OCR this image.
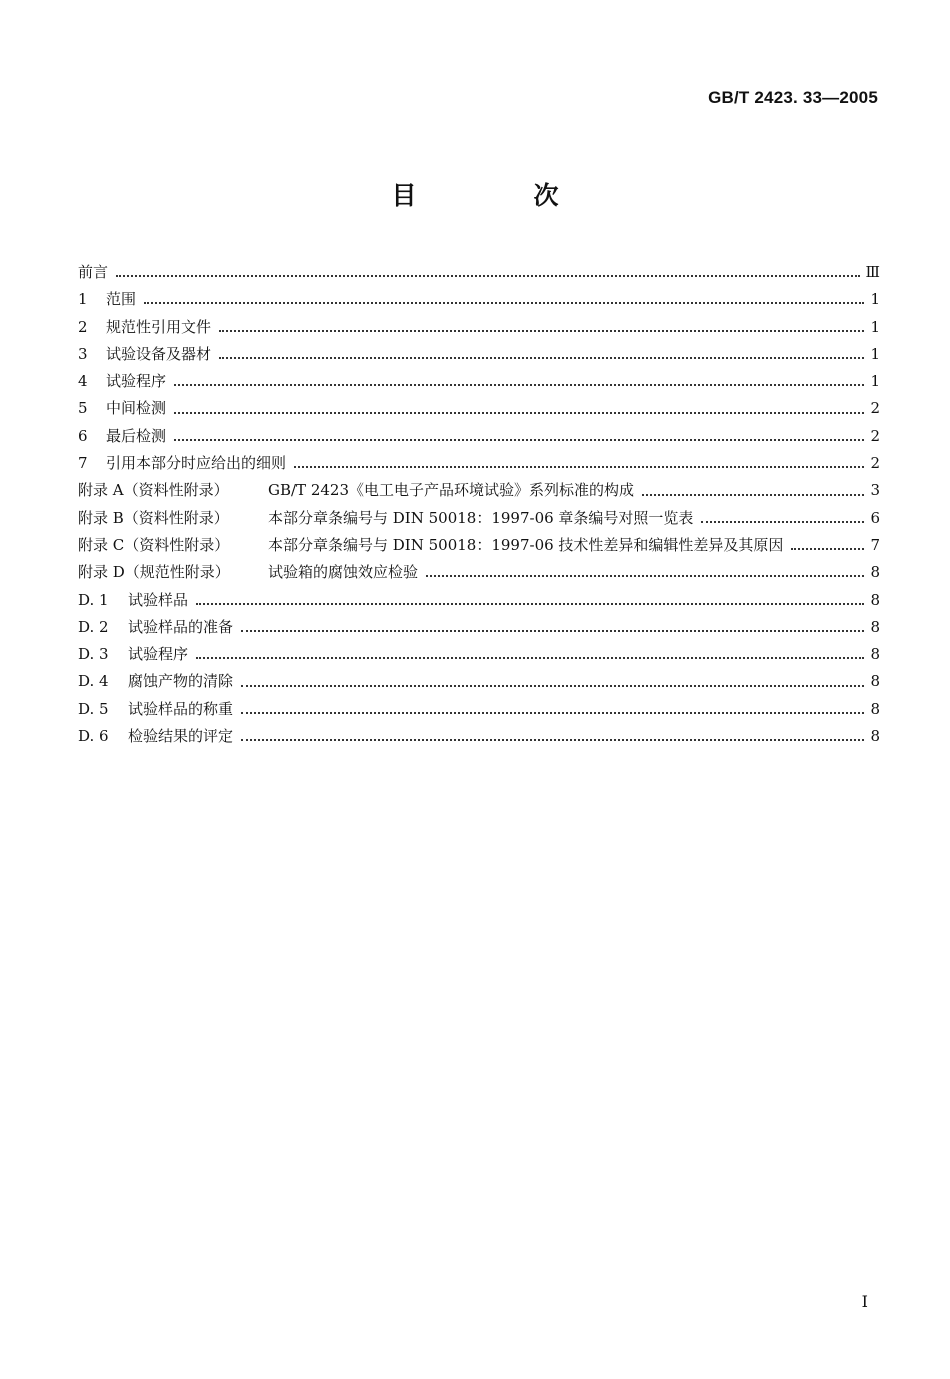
GB/T 2423. 33—2005
目　次
前言	Ⅲ
1	范围	1
2	规范性引用文件	1
3	试验设备及器材	1
4	试验程序	1
5	中间检测	2
6	最后检测	2
7	引用本部分时应给出的细则	2
附录 A（资料性附录）	GB/T 2423《电工电子产品环境试验》系列标准的构成	3
附录 B（资料性附录）	本部分章条编号与 DIN 50018：1997-06 章条编号对照一览表	6
附录 C（资料性附录）	本部分章条编号与 DIN 50018：1997-06 技术性差异和编辑性差异及其原因	7
附录 D（规范性附录）	试验箱的腐蚀效应检验	8
D. 1	试验样品	8
D. 2	试验样品的准备	8
D. 3	试验程序	8
D. 4	腐蚀产物的清除	8
D. 5	试验样品的称重	8
D. 6	检验结果的评定	8
I
